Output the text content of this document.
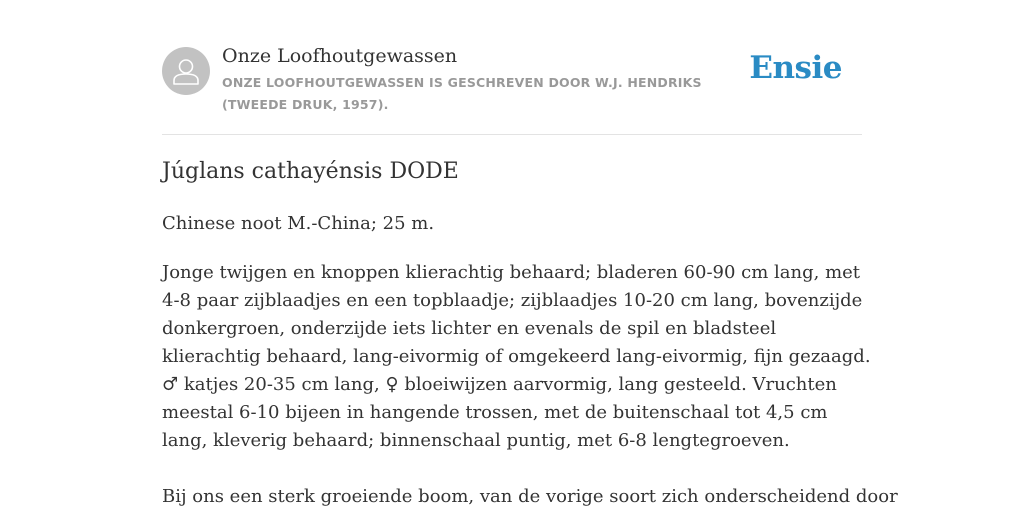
Onze Loofhoutgewassen
ONZE LOOFHOUTGEWASSEN IS GESCHREVEN DOOR W.J. HENDRIKS (TWEEDE DRUK, 1957).
Ensie
Júglans cathayénsis DODE

Chinese noot M.-China; 25 m.

Jonge twijgen en knoppen klierachtig behaard; bladeren 60-90 cm lang, met 4-8 paar zijblaadjes en een topblaadje; zijblaadjes 10-20 cm lang, bovenzijde donkergroen, onderzijde iets lichter en evenals de spil en bladsteel klierachtig behaard, lang-eivormig of omgekeerd lang-eivormig, fijn gezaagd. ♂ katjes 20-35 cm lang, ♀ bloeiwijzen aarvormig, lang gesteeld. Vruchten meestal 6-10 bijeen in hangende trossen, met de buitenschaal tot 4,5 cm lang, kleverig behaard; binnenschaal puntig, met 6-8 lengtegroeven.

Bij ons een sterk groeiende boom, van de vorige soort zich onderscheidend door
